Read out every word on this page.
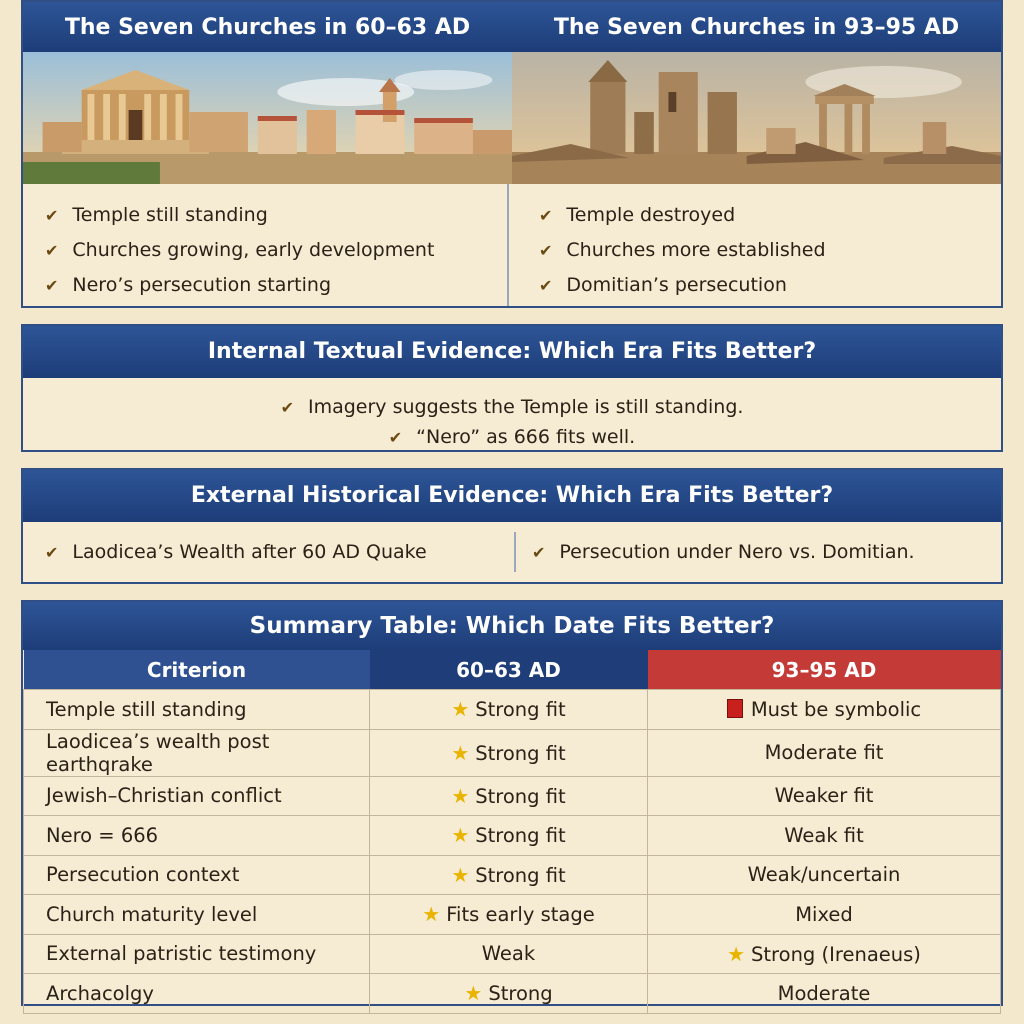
The Seven Churches in 60–63 AD	The Seven Churches in 93–95 AD
✔ Temple still standing
✔ Churches growing, early development
✔ Nero’s persecution starting
✔ Temple destroyed
✔ Churches more established
✔ Domitian’s persecution
Internal Textual Evidence: Which Era Fits Better?
✔ Imagery suggests the Temple is still standing.
✔ “Nero” as 666 fits well.
External Historical Evidence: Which Era Fits Better?
✔ Laodicea’s Wealth after 60 AD Quake	✔ Persecution under Nero vs. Domitian.
Summary Table: Which Date Fits Better?
Criterion	60–63 AD	93–95 AD
Temple still standing	★ Strong fit	Must be symbolic
Laodicea’s wealth post earthqrake	★ Strong fit	Moderate fit
Jewish–Christian conflict	★ Strong fit	Weaker fit
Nero = 666	★ Strong fit	Weak fit
Persecution context	★ Strong fit	Weak/uncertain
Church maturity level	★ Fits early stage	Mixed
External patristic testimony	Weak	★ Strong (Irenaeus)
Archacolgy	★ Strong	Moderate
